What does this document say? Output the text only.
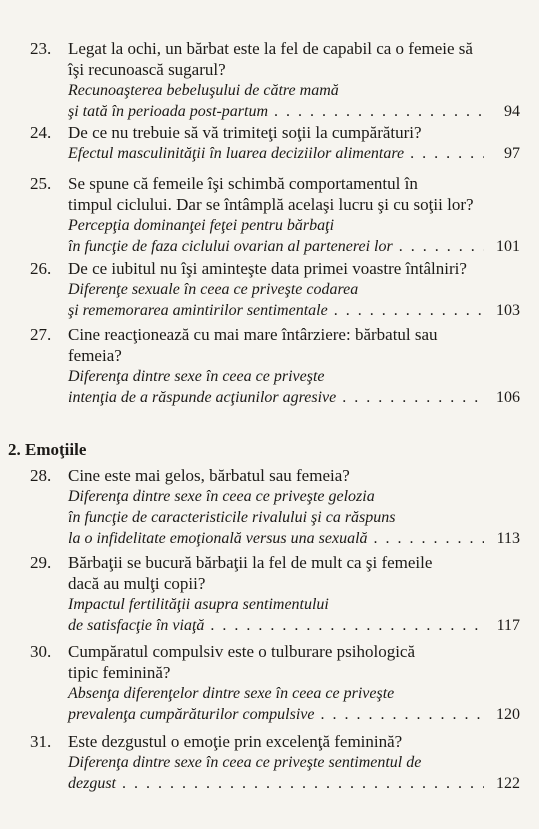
23. Legat la ochi, un bărbat este la fel de capabil ca o femeie să
îşi recunoască sugarul?
Recunoaşterea bebeluşului de către mamă
şi tată în perioada post-partum . . .	94
24. De ce nu trebuie să vă trimiteţi soţii la cumpărături?
Efectul masculinităţii în luarea deciziilor alimentare . . .	97
25. Se spune că femeile îşi schimbă comportamentul în
timpul ciclului. Dar se întâmplă acelaşi lucru şi cu soţii lor?
Percepţia dominanţei feţei pentru bărbaţi
în funcţie de faza ciclului ovarian al partenerei lor . . .	101
26. De ce iubitul nu îşi aminteşte data primei voastre întâlniri?
Diferenţe sexuale în ceea ce priveşte codarea
şi rememorarea amintirilor sentimentale . . .	103
27. Cine reacţionează cu mai mare întârziere: bărbatul sau
femeia?
Diferenţa dintre sexe în ceea ce priveşte
intenţia de a răspunde acţiunilor agresive . . .	106
2. Emoţiile
28. Cine este mai gelos, bărbatul sau femeia?
Diferenţa dintre sexe în ceea ce priveşte gelozia
în funcţie de caracteristicile rivalului şi ca răspuns
la o infidelitate emoţională versus una sexuală . . .	113
29. Bărbaţii se bucură bărbaţii la fel de mult ca şi femeile
dacă au mulţi copii?
Impactul fertilităţii asupra sentimentului
de satisfacţie în viaţă . . .	117
30. Cumpăratul compulsiv este o tulburare psihologică
tipic feminină?
Absenţa diferenţelor dintre sexe în ceea ce priveşte
prevalenţa cumpărăturilor compulsive . . .	120
31. Este dezgustul o emoţie prin excelenţă feminină?
Diferenţa dintre sexe în ceea ce priveşte sentimentul de
dezgust . . .	122
